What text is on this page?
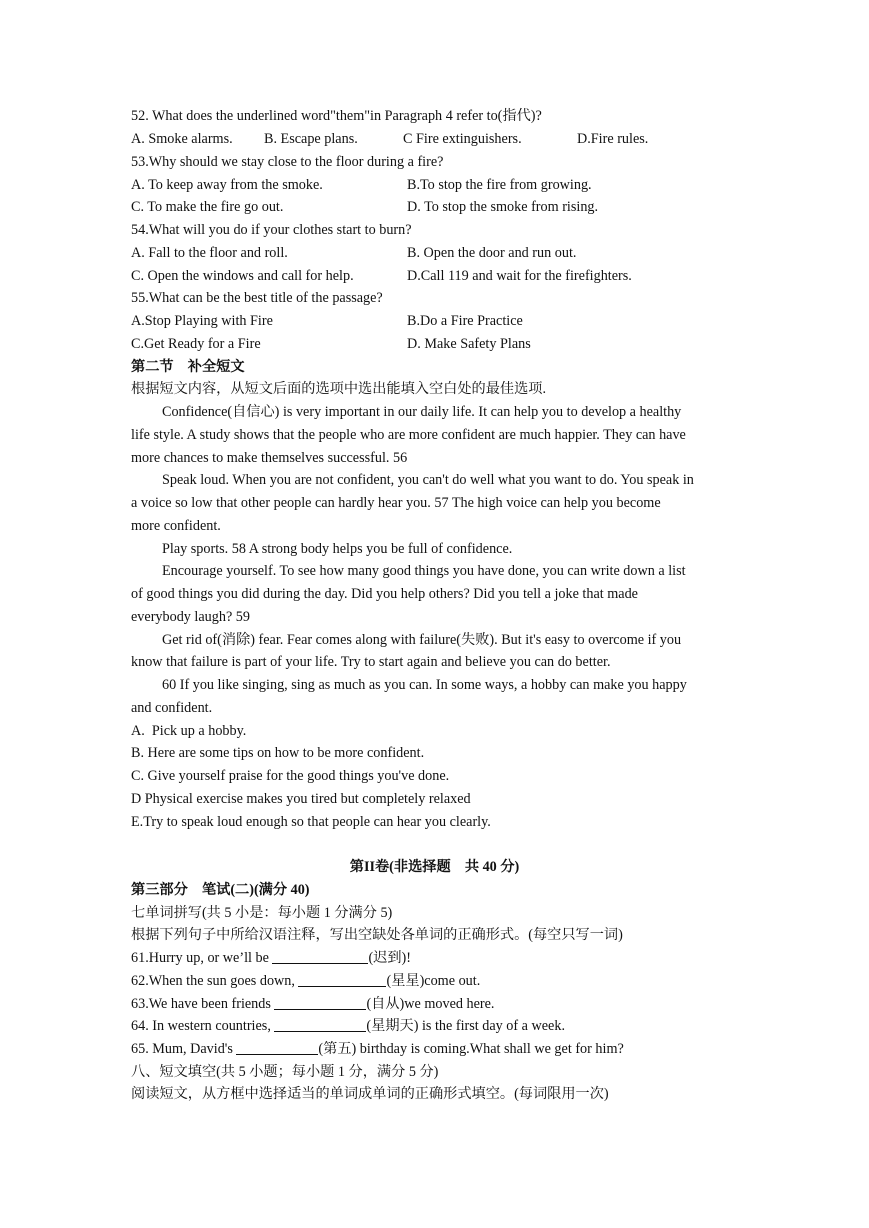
52. What does the underlined word"them"in Paragraph 4 refer to(指代)?
A. Smoke alarms. B. Escape plans.	C Fire extinguishers.	D.Fire rules.
53.Why should we stay close to the floor during a fire?
A. To keep away from the smoke.	B.To stop the fire from growing.
C. To make the fire go out.	D. To stop the smoke from rising.
54.What will you do if your clothes start to burn?
A. Fall to the floor and roll.	B. Open the door and run out.
C. Open the windows and call for help.	D.Call 119 and wait for the firefighters.
55.What can be the best title of the passage?
A.Stop Playing with Fire	B.Do a Fire Practice
C.Get Ready for a Fire	D. Make Safety Plans
第二节　补全短文
根据短文内容，从短文后面的选项中选出能填入空白处的最佳选项.
Confidence(自信心) is very important in our daily life. It can help you to develop a healthy
life style. A study shows that the people who are more confident are much happier. They can have
more chances to make themselves successful. 56
Speak loud. When you are not confident, you can't do well what you want to do. You speak in
a voice so low that other people can hardly hear you. 57 The high voice can help you become
more confident.
Play sports. 58 A strong body helps you be full of confidence.
Encourage yourself. To see how many good things you have done, you can write down a list
of good things you did during the day. Did you help others? Did you tell a joke that made
everybody laugh? 59
Get rid of(消除) fear. Fear comes along with failure(失败). But it's easy to overcome if you
know that failure is part of your life. Try to start again and believe you can do better.
60 If you like singing, sing as much as you can. In some ways, a hobby can make you happy
and confident.
A.  Pick up a hobby.
B. Here are some tips on how to be more confident.
C. Give yourself praise for the good things you've done.
D Physical exercise makes you tired but completely relaxed
E.Try to speak loud enough so that people can hear you clearly.
第II卷(非选择题　共 40 分)
第三部分　笔试(二)(满分 40)
七单词拼写(共 5 小是：每小题 1 分满分 5)
根据下列句子中所给汉语注释，写出空缺处各单词的正确形式。(每空只写一词)
61.Hurry up, or we’ll be	(迟到)!
62.When the sun goes down,	(星星)come out.
63.We have been friends	(自从)we moved here.
64. In western countries,	(星期天) is the first day of a week.
65. Mum, David's	(第五) birthday is coming.What shall we get for him?
八、短文填空(共 5 小题；每小题 1 分，满分 5 分)
阅读短文，从方框中选择适当的单词成单词的正确形式填空。(每词限用一次)
